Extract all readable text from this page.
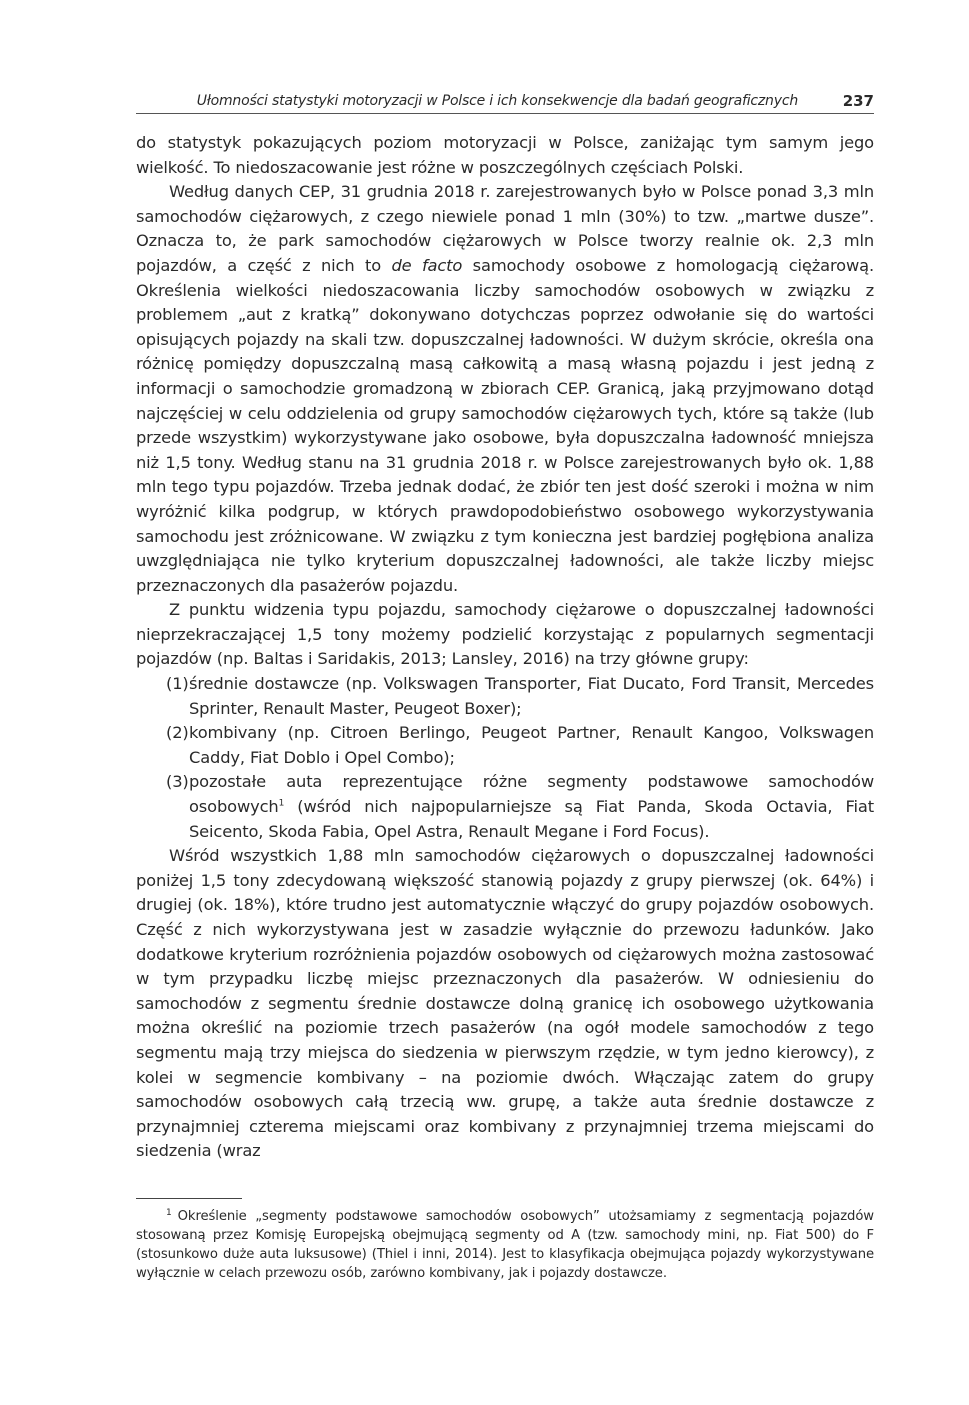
Ułomności statystyki motoryzacji w Polsce i ich konsekwencje dla badań geograficznych	237

do statystyk pokazujących poziom motoryzacji w Polsce, zaniżając tym samym jego wielkość. To niedoszacowanie jest różne w poszczególnych częściach Polski.

Według danych CEP, 31 grudnia 2018 r. zarejestrowanych było w Polsce ponad 3,3 mln samochodów ciężarowych, z czego niewiele ponad 1 mln (30%) to tzw. „martwe dusze”. Oznacza to, że park samochodów ciężarowych w Polsce tworzy realnie ok. 2,3 mln pojazdów, a część z nich to de facto samochody osobowe z homologacją ciężarową. Określenia wielkości niedoszacowania liczby samochodów osobowych w związku z problemem „aut z kratką” dokonywano dotychczas poprzez odwołanie się do wartości opisujących pojazdy na skali tzw. dopuszczalnej ładowności. W dużym skrócie, określa ona różnicę pomiędzy dopuszczalną masą całkowitą a masą własną pojazdu i jest jedną z informacji o samochodzie gromadzoną w zbiorach CEP. Granicą, jaką przyjmowano dotąd najczęściej w celu oddzielenia od grupy samochodów ciężarowych tych, które są także (lub przede wszystkim) wykorzystywane jako osobowe, była dopuszczalna ładowność mniejsza niż 1,5 tony. Według stanu na 31 grudnia 2018 r. w Polsce zarejestrowanych było ok. 1,88 mln tego typu pojazdów. Trzeba jednak dodać, że zbiór ten jest dość szeroki i można w nim wyróżnić kilka podgrup, w których prawdopodobieństwo osobowego wykorzystywania samochodu jest zróżnicowane. W związku z tym konieczna jest bardziej pogłębiona analiza uwzględniająca nie tylko kryterium dopuszczalnej ładowności, ale także liczby miejsc przeznaczonych dla pasażerów pojazdu.

Z punktu widzenia typu pojazdu, samochody ciężarowe o dopuszczalnej ładowności nieprzekraczającej 1,5 tony możemy podzielić korzystając z popularnych segmentacji pojazdów (np. Baltas i Saridakis, 2013; Lansley, 2016) na trzy główne grupy:

(1) średnie dostawcze (np. Volkswagen Transporter, Fiat Ducato, Ford Transit, Mercedes Sprinter, Renault Master, Peugeot Boxer);
(2) kombivany (np. Citroen Berlingo, Peugeot Partner, Renault Kangoo, Volkswagen Caddy, Fiat Doblo i Opel Combo);
(3) pozostałe auta reprezentujące różne segmenty podstawowe samochodów osobowych$^1$ (wśród nich najpopularniejsze są Fiat Panda, Skoda Octavia, Fiat Seicento, Skoda Fabia, Opel Astra, Renault Megane i Ford Focus).

Wśród wszystkich 1,88 mln samochodów ciężarowych o dopuszczalnej ładowności poniżej 1,5 tony zdecydowaną większość stanowią pojazdy z grupy pierwszej (ok. 64%) i drugiej (ok. 18%), które trudno jest automatycznie włączyć do grupy pojazdów osobowych. Część z nich wykorzystywana jest w zasadzie wyłącznie do przewozu ładunków. Jako dodatkowe kryterium rozróżnienia pojazdów osobowych od ciężarowych można zastosować w tym przypadku liczbę miejsc przeznaczonych dla pasażerów. W odniesieniu do samochodów z segmentu średnie dostawcze dolną granicę ich osobowego użytkowania można określić na poziomie trzech pasażerów (na ogół modele samochodów z tego segmentu mają trzy miejsca do siedzenia w pierwszym rzędzie, w tym jedno kierowcy), z kolei w segmencie kombivany – na poziomie dwóch. Włączając zatem do grupy samochodów osobowych całą trzecią ww. grupę, a także auta średnie dostawcze z przynajmniej czterema miejscami oraz kombivany z przynajmniej trzema miejscami do siedzenia (wraz

$^1$ Określenie „segmenty podstawowe samochodów osobowych” utożsamiamy z segmentacją pojazdów stosowaną przez Komisję Europejską obejmującą segmenty od A (tzw. samochody mini, np. Fiat 500) do F (stosunkowo duże auta luksusowe) (Thiel i inni, 2014). Jest to klasyfikacja obejmująca pojazdy wykorzystywane wyłącznie w celach przewozu osób, zarówno kombivany, jak i pojazdy dostawcze.
